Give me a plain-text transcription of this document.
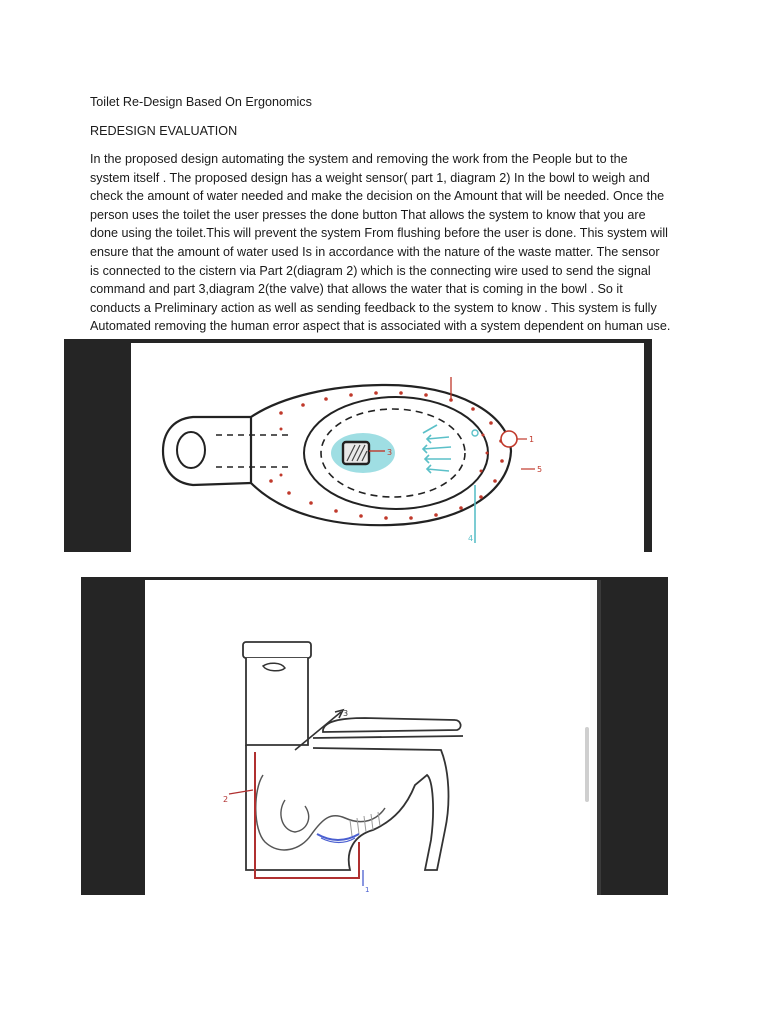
Toilet Re-Design Based On Ergonomics
REDESIGN EVALUATION
In the proposed design automating the system and removing the work from the People but to the
system itself . The proposed design has a weight sensor( part 1, diagram 2) In the bowl to weigh and
check the amount of water needed and make the decision on the Amount that will be needed. Once the
person uses the toilet the user presses the done button That allows the system to know that you are
done using the toilet.This will prevent the system From flushing before the user is done. This system will
ensure that the amount of water used Is in accordance with the nature of the waste matter. The sensor
is connected to the cistern via Part 2(diagram 2) which is the connecting wire used to send the signal
command and part 3,diagram 2(the valve) that allows the water that is coming in the bowl . So it
conducts a Preliminary action as well as sending feedback to the system to know . This system is fully
Automated removing the human error aspect that is associated with a system dependent on human use.
3
1
5
4
2
3
1
